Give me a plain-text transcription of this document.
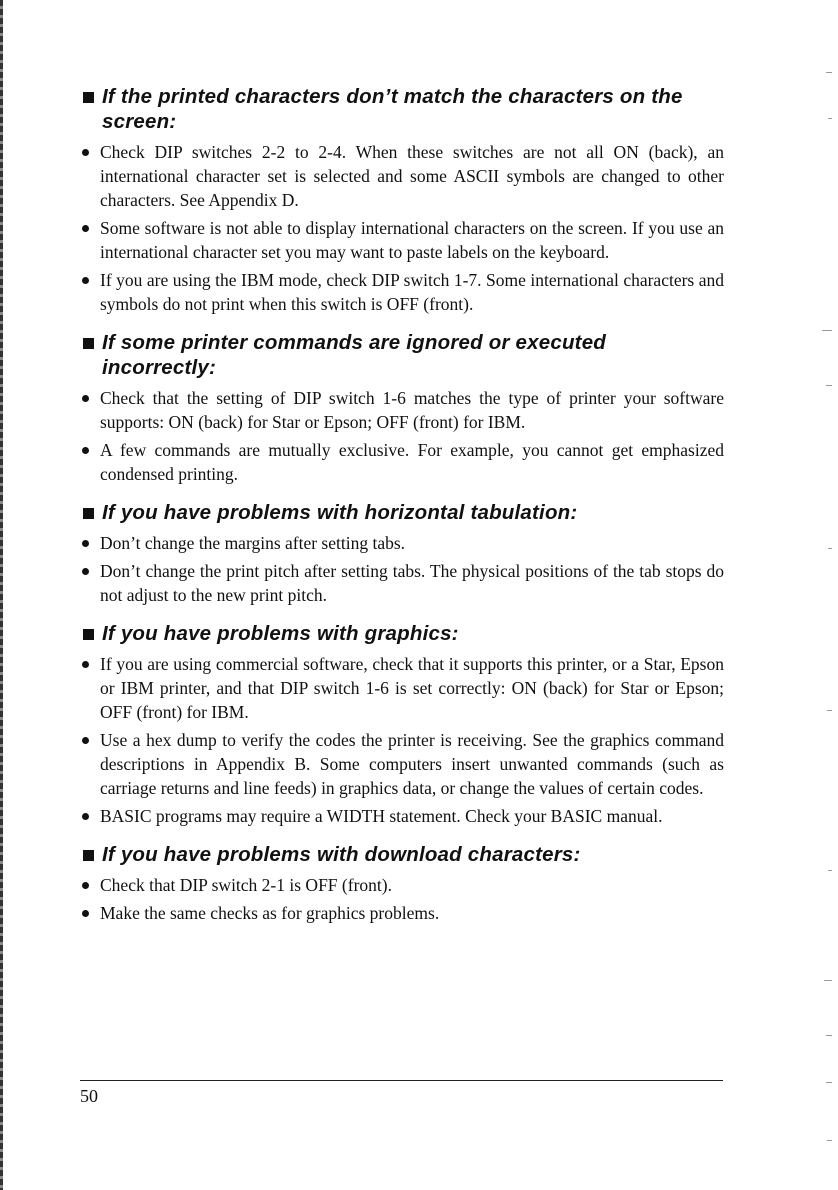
If the printed characters don’t match the characters on the screen:
Check DIP switches 2-2 to 2-4. When these switches are not all ON (back), an international character set is selected and some ASCII symbols are changed to other characters. See Appendix D.
Some software is not able to display international characters on the screen. If you use an international character set you may want to paste labels on the keyboard.
If you are using the IBM mode, check DIP switch 1-7. Some international characters and symbols do not print when this switch is OFF (front).
If some printer commands are ignored or executed incorrectly:
Check that the setting of DIP switch 1-6 matches the type of printer your software supports: ON (back) for Star or Epson; OFF (front) for IBM.
A few commands are mutually exclusive. For example, you cannot get emphasized condensed printing.
If you have problems with horizontal tabulation:
Don’t change the margins after setting tabs.
Don’t change the print pitch after setting tabs. The physical positions of the tab stops do not adjust to the new print pitch.
If you have problems with graphics:
If you are using commercial software, check that it supports this printer, or a Star, Epson or IBM printer, and that DIP switch 1-6 is set correctly: ON (back) for Star or Epson; OFF (front) for IBM.
Use a hex dump to verify the codes the printer is receiving. See the graphics command descriptions in Appendix B. Some computers insert unwanted commands (such as carriage returns and line feeds) in graphics data, or change the values of certain codes.
BASIC programs may require a WIDTH statement. Check your BASIC manual.
If you have problems with download characters:
Check that DIP switch 2-1 is OFF (front).
Make the same checks as for graphics problems.
50
